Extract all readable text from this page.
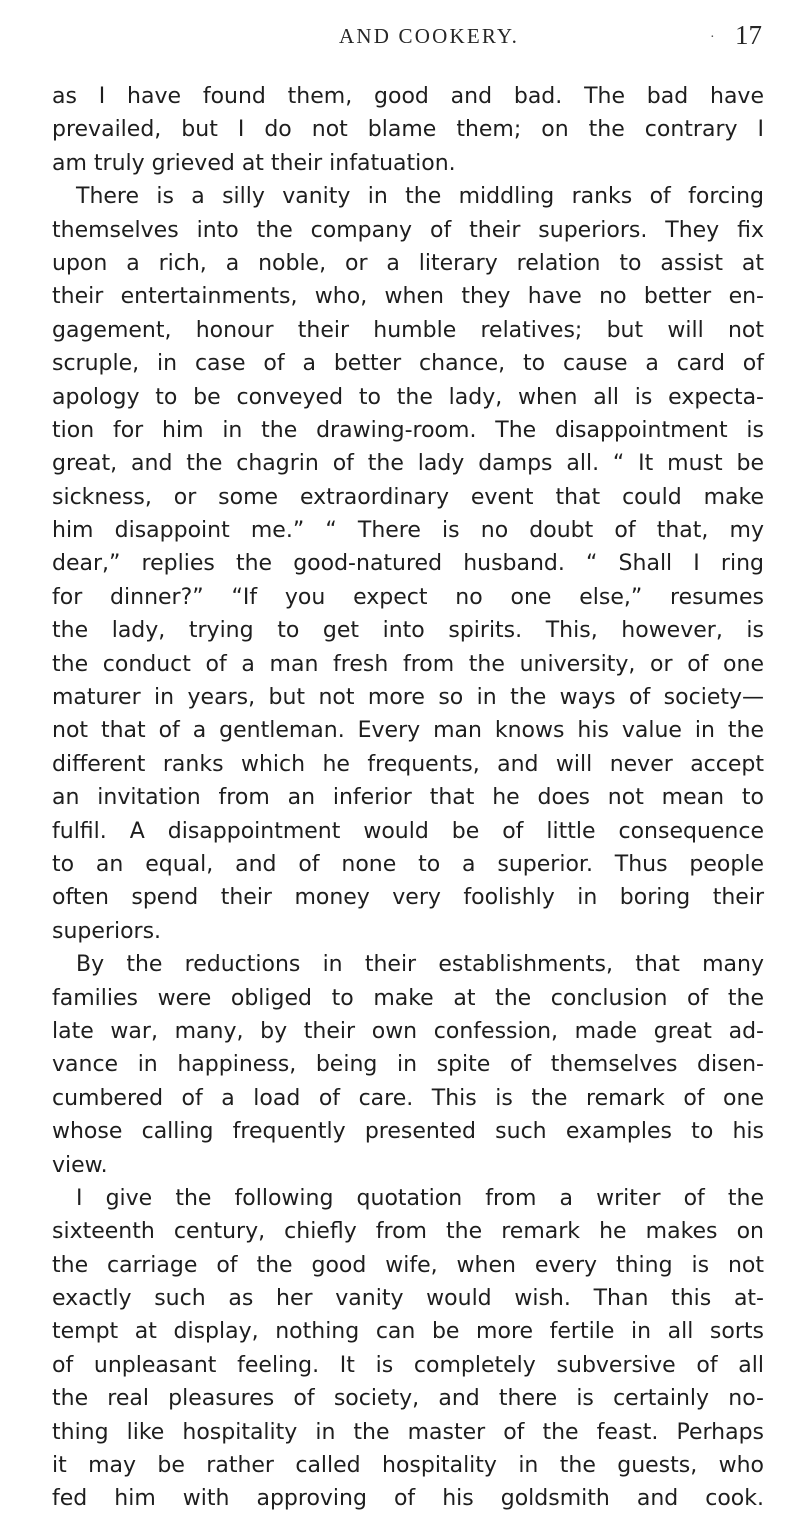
AND COOKERY.	· 17
as I have found them, good and bad. The bad have
prevailed, but I do not blame them; on the contrary I
am truly grieved at their infatuation.
There is a silly vanity in the middling ranks of forcing
themselves into the company of their superiors. They fix
upon a rich, a noble, or a literary relation to assist at
their entertainments, who, when they have no better en-
gagement, honour their humble relatives; but will not
scruple, in case of a better chance, to cause a card of
apology to be conveyed to the lady, when all is expecta-
tion for him in the drawing-room. The disappointment is
great, and the chagrin of the lady damps all. “ It must be
sickness, or some extraordinary event that could make
him disappoint me.” “ There is no doubt of that, my
dear,” replies the good-natured husband. “ Shall I ring
for dinner?” “If you expect no one else,” resumes
the lady, trying to get into spirits. This, however, is
the conduct of a man fresh from the university, or of one
maturer in years, but not more so in the ways of society—
not that of a gentleman. Every man knows his value in the
different ranks which he frequents, and will never accept
an invitation from an inferior that he does not mean to
fulfil. A disappointment would be of little consequence
to an equal, and of none to a superior. Thus people
often spend their money very foolishly in boring their
superiors.
By the reductions in their establishments, that many
families were obliged to make at the conclusion of the
late war, many, by their own confession, made great ad-
vance in happiness, being in spite of themselves disen-
cumbered of a load of care. This is the remark of one
whose calling frequently presented such examples to his
view.
I give the following quotation from a writer of the
sixteenth century, chiefly from the remark he makes on
the carriage of the good wife, when every thing is not
exactly such as her vanity would wish. Than this at-
tempt at display, nothing can be more fertile in all sorts
of unpleasant feeling. It is completely subversive of all
the real pleasures of society, and there is certainly no-
thing like hospitality in the master of the feast. Perhaps
it may be rather called hospitality in the guests, who
fed him with approving of his goldsmith and cook.
